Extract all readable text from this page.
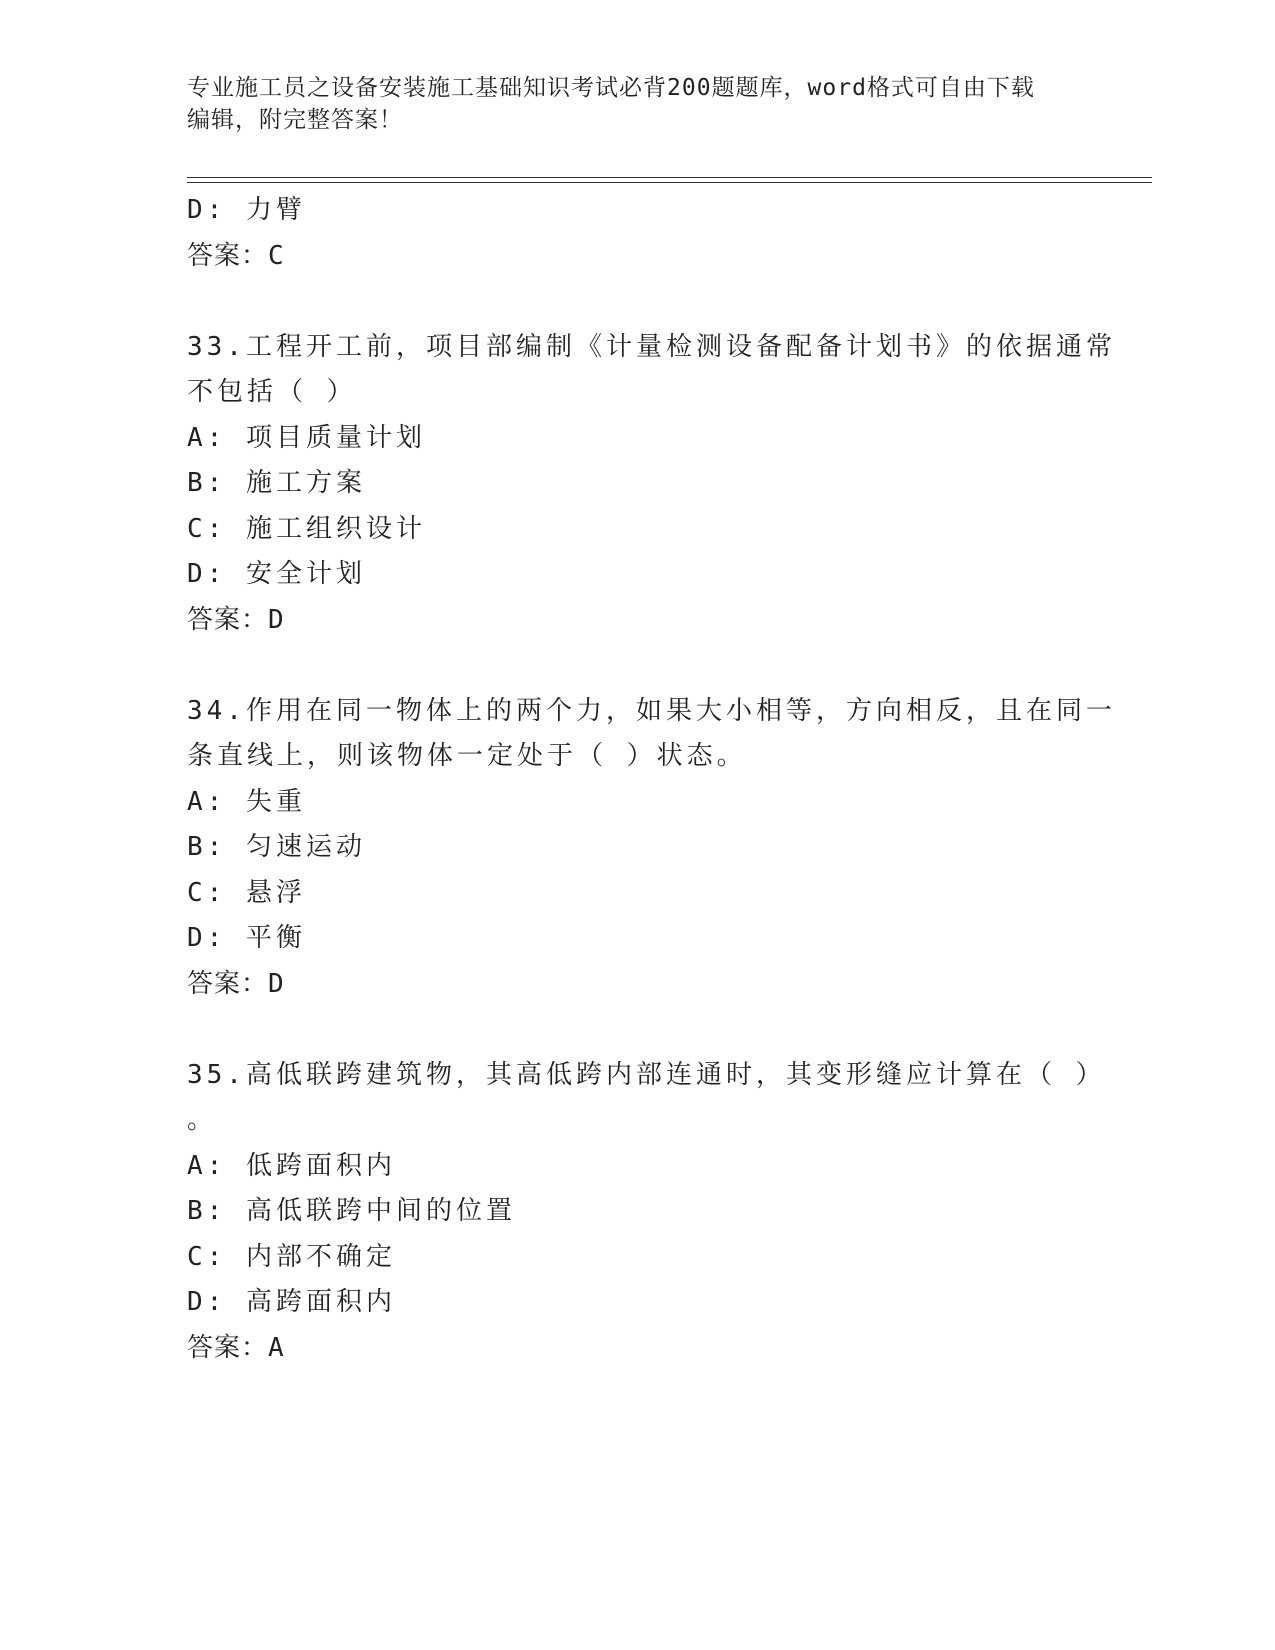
专业施工员之设备安装施工基础知识考试必背200题题库，word格式可自由下载
编辑，附完整答案！
D: 力臂
答案：C
33.工程开工前，项目部编制《计量检测设备配备计划书》的依据通常
不包括（ ）
A: 项目质量计划
B: 施工方案
C: 施工组织设计
D: 安全计划
答案：D
34.作用在同一物体上的两个力，如果大小相等，方向相反，且在同一
条直线上，则该物体一定处于（ ）状态。
A: 失重
B: 匀速运动
C: 悬浮
D: 平衡
答案：D
35.高低联跨建筑物，其高低跨内部连通时，其变形缝应计算在（ ）
。
A: 低跨面积内
B: 高低联跨中间的位置
C: 内部不确定
D: 高跨面积内
答案：A
